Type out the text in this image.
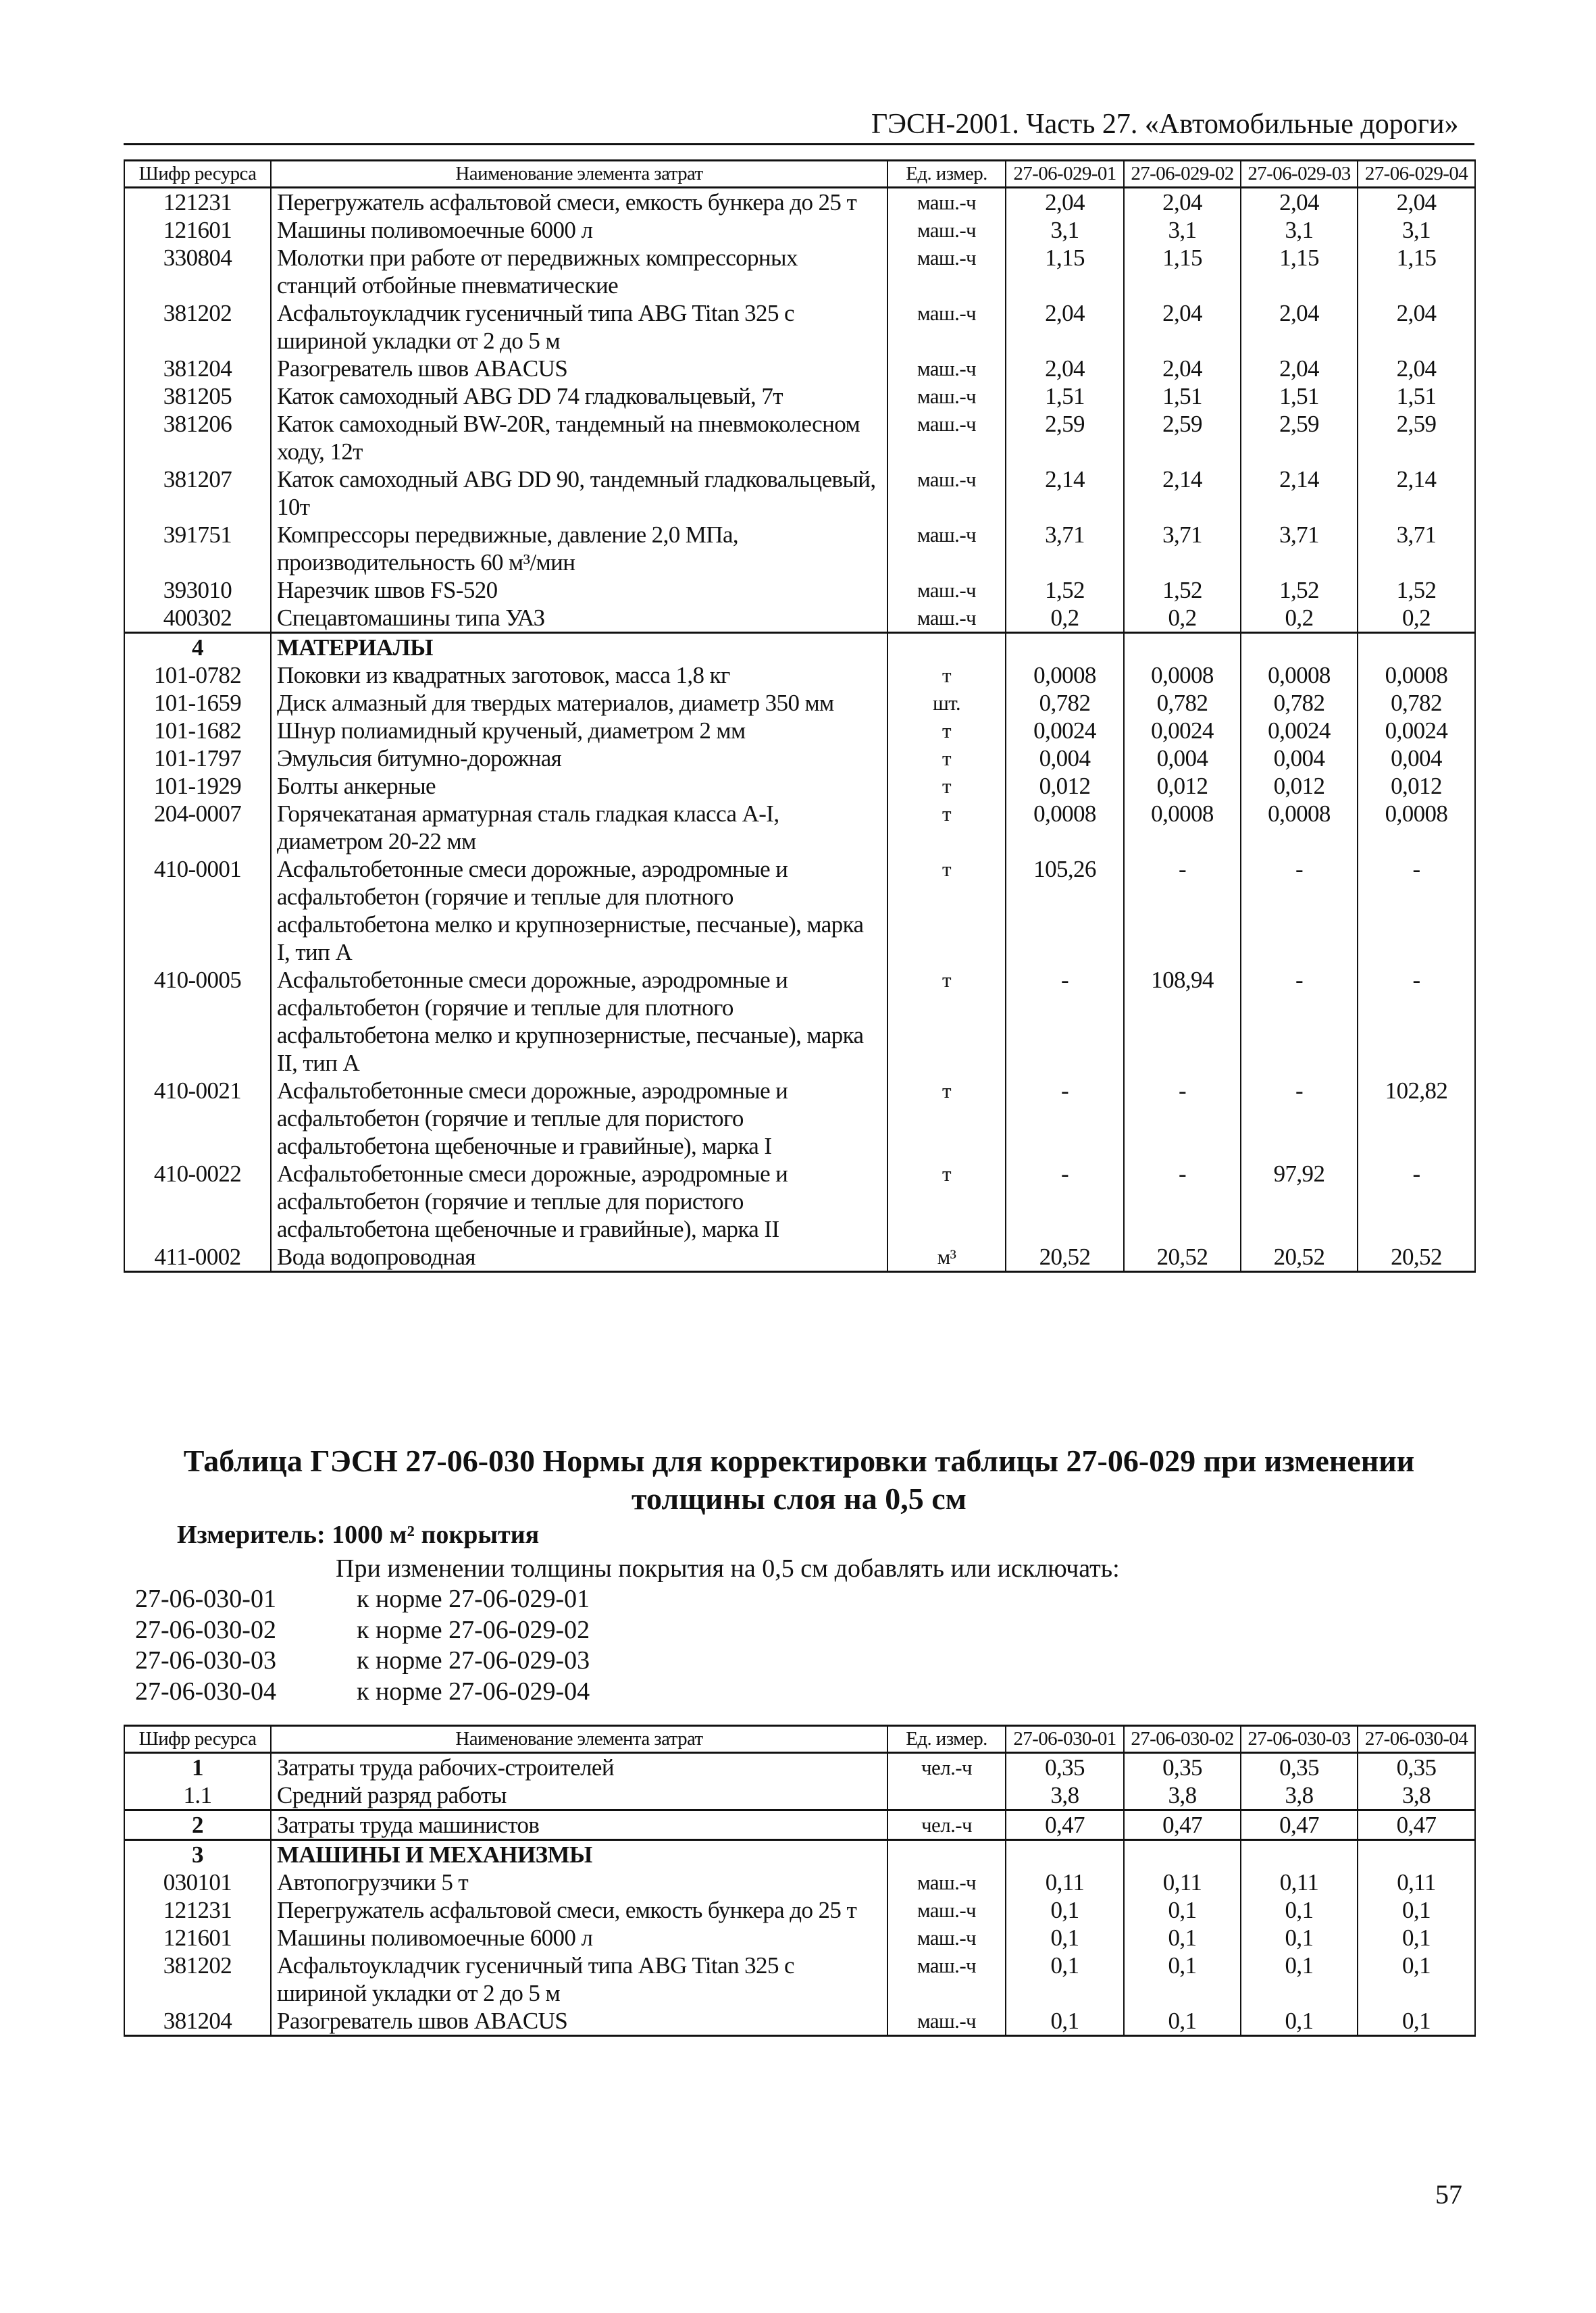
ГЭСН-2001. Часть 27. «Автомобильные дороги»
Шифр ресурса	Наименование элемента затрат	Ед. измер.	27-06-029-01	27-06-029-02	27-06-029-03	27-06-029-04
121231	Перегружатель асфальтовой смеси, емкость бункера до 25 т	маш.-ч	2,04	2,04	2,04	2,04
121601	Машины поливомоечные 6000 л	маш.-ч	3,1	3,1	3,1	3,1
330804	Молотки при работе от передвижных компрессорных станций отбойные пневматические	маш.-ч	1,15	1,15	1,15	1,15
381202	Асфальтоукладчик гусеничный типа ABG Titan 325 с шириной укладки от 2 до 5 м	маш.-ч	2,04	2,04	2,04	2,04
381204	Разогреватель швов ABACUS	маш.-ч	2,04	2,04	2,04	2,04
381205	Каток самоходный ABG DD 74 гладковальцевый, 7т	маш.-ч	1,51	1,51	1,51	1,51
381206	Каток самоходный BW-20R, тандемный на пневмоколесном ходу, 12т	маш.-ч	2,59	2,59	2,59	2,59
381207	Каток самоходный ABG DD 90, тандемный гладковальцевый, 10т	маш.-ч	2,14	2,14	2,14	2,14
391751	Компрессоры передвижные, давление 2,0 МПа, производительность 60 м³/мин	маш.-ч	3,71	3,71	3,71	3,71
393010	Нарезчик швов FS-520	маш.-ч	1,52	1,52	1,52	1,52
400302	Спецавтомашины типа УАЗ	маш.-ч	0,2	0,2	0,2	0,2
4	МАТЕРИАЛЫ					
101-0782	Поковки из квадратных заготовок, масса 1,8 кг	т	0,0008	0,0008	0,0008	0,0008
101-1659	Диск алмазный для твердых материалов, диаметр 350 мм	шт.	0,782	0,782	0,782	0,782
101-1682	Шнур полиамидный крученый, диаметром 2 мм	т	0,0024	0,0024	0,0024	0,0024
101-1797	Эмульсия битумно-дорожная	т	0,004	0,004	0,004	0,004
101-1929	Болты анкерные	т	0,012	0,012	0,012	0,012
204-0007	Горячекатаная арматурная сталь гладкая класса А-I, диаметром 20-22 мм	т	0,0008	0,0008	0,0008	0,0008
410-0001	Асфальтобетонные смеси дорожные, аэродромные и асфальтобетон (горячие и теплые для плотного асфальтобетона мелко и крупнозернистые, песчаные), марка I, тип А	т	105,26	-	-	-
410-0005	Асфальтобетонные смеси дорожные, аэродромные и асфальтобетон (горячие и теплые для плотного асфальтобетона мелко и крупнозернистые, песчаные), марка II, тип А	т	-	108,94	-	-
410-0021	Асфальтобетонные смеси дорожные, аэродромные и асфальтобетон (горячие и теплые для пористого асфальтобетона щебеночные и гравийные), марка I	т	-	-	-	102,82
410-0022	Асфальтобетонные смеси дорожные, аэродромные и асфальтобетон (горячие и теплые для пористого асфальтобетона щебеночные и гравийные), марка II	т	-	-	97,92	-
411-0002	Вода водопроводная	м³	20,52	20,52	20,52	20,52
Таблица ГЭСН 27-06-030 Нормы для корректировки таблицы 27-06-029 при изменении толщины слоя на 0,5 см
Измеритель: 1000 м² покрытия
При изменении толщины покрытия на 0,5 см добавлять или исключать:
27-06-030-01	к норме 27-06-029-01
27-06-030-02	к норме 27-06-029-02
27-06-030-03	к норме 27-06-029-03
27-06-030-04	к норме 27-06-029-04
Шифр ресурса	Наименование элемента затрат	Ед. измер.	27-06-030-01	27-06-030-02	27-06-030-03	27-06-030-04
1	Затраты труда рабочих-строителей	чел.-ч	0,35	0,35	0,35	0,35
1.1	Средний разряд работы		3,8	3,8	3,8	3,8
2	Затраты труда машинистов	чел.-ч	0,47	0,47	0,47	0,47
3	МАШИНЫ И МЕХАНИЗМЫ					
030101	Автопогрузчики 5 т	маш.-ч	0,11	0,11	0,11	0,11
121231	Перегружатель асфальтовой смеси, емкость бункера до 25 т	маш.-ч	0,1	0,1	0,1	0,1
121601	Машины поливомоечные 6000 л	маш.-ч	0,1	0,1	0,1	0,1
381202	Асфальтоукладчик гусеничный типа ABG Titan 325 с шириной укладки от 2 до 5 м	маш.-ч	0,1	0,1	0,1	0,1
381204	Разогреватель швов ABACUS	маш.-ч	0,1	0,1	0,1	0,1
57
